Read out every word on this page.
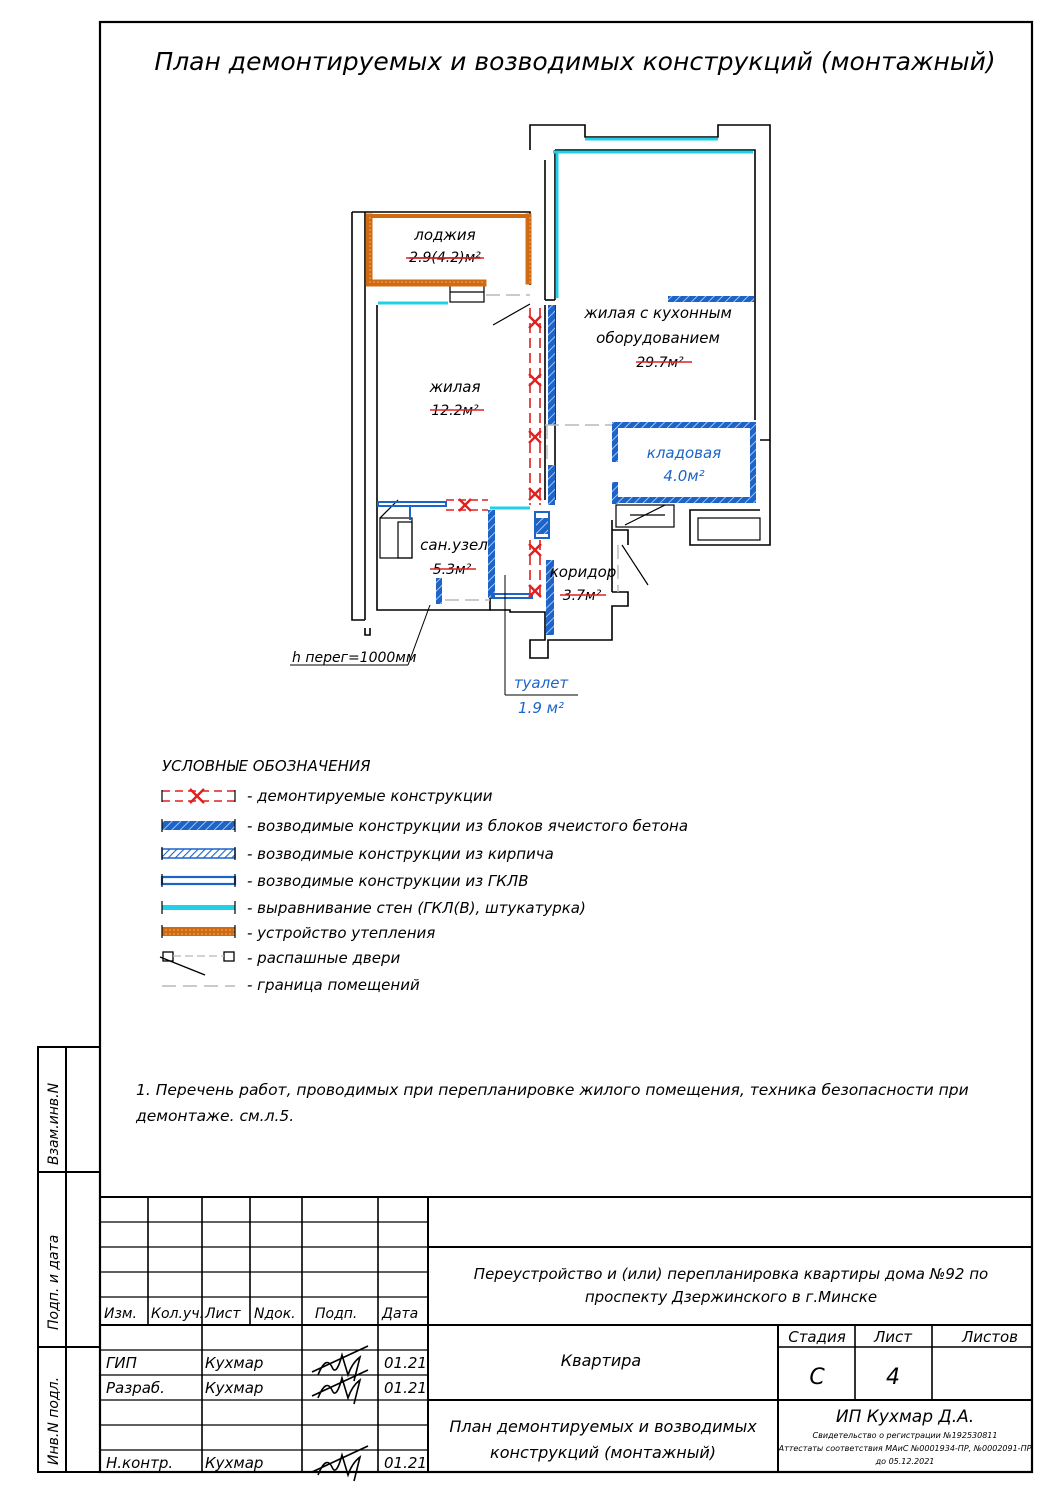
План демонтируемых и возводимых конструкций (монтажный)
лоджия
2.9(4.2)м²
жилая с кухонным
оборудованием
29.7м²
жилая
12.2м²
кладовая
4.0м²
сан.узел
5.3м²	коридор
3.7м²
туалет
1.9 м²
h перег=1000мм
УСЛОВНЫЕ ОБОЗНАЧЕНИЯ
- демонтируемые конструкции
- возводимые конструкции из блоков ячеистого бетона
- возводимые конструкции из кирпича
- возводимые конструкции из ГКЛВ
- выравнивание стен (ГКЛ(В), штукатурка)
- устройство утепления
- распашные двери
- граница помещений
1. Перечень работ, проводимых при перепланировке жилого помещения, техника безопасности при
демонтаже. см.л.5.
Взам.инв.N
Подп. и дата
Инв.N подл.
Изм. Кол.уч. Лист Nдок. Подп. Дата
ГИП	Кухмар	01.21
Разраб.	Кухмар	01.21
Н.контр. Кухмар	01.21
Переустройство и (или) перепланировка квартиры дома №92 по
проспекту Дзержинского в г.Минске
Квартира
План демонтируемых и возводимых
конструкций (монтажный)
Стадия Лист	Листов
С	4
ИП Кухмар Д.А.
Свидетельство о регистрации №192530811
Аттестаты соответствия МАиС №0001934-ПР, №0002091-ПР
до 05.12.2021
